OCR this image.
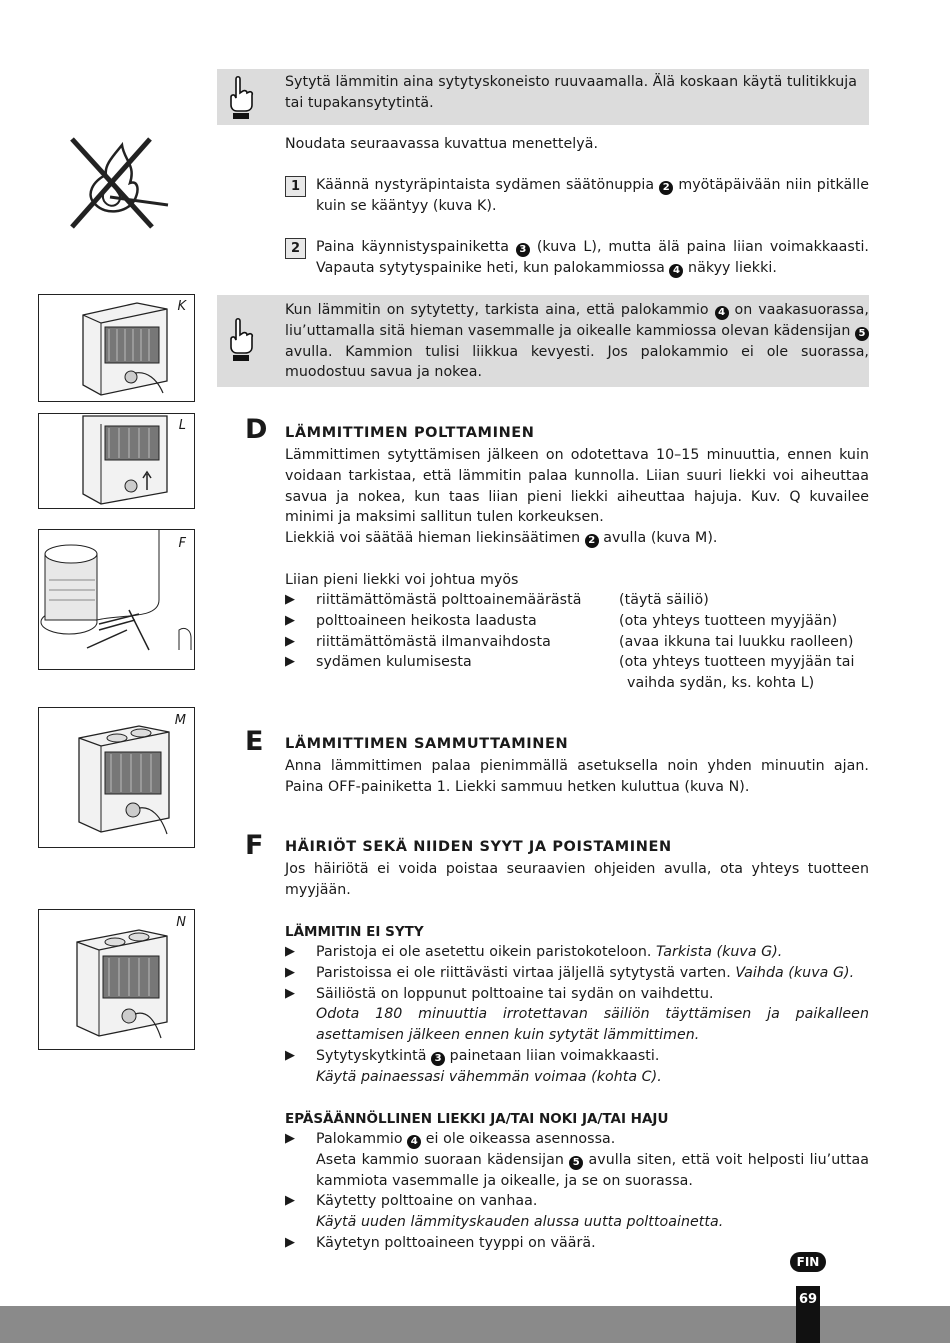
Sytytä lämmitin aina sytytyskoneisto ruuvaamalla. Älä koskaan käytä tulitikkuja tai tupakansytytintä.
Noudata seuraavassa kuvattua menettelyä.
1	Käännä nystyräpintaista sydämen säätönuppia 2 myötäpäivään niin pitkälle kuin se kääntyy (kuva K).
2	Paina käynnistyspainiketta 3 (kuva L), mutta älä paina liian voimakkaasti. Vapauta sytytyspainike heti, kun palokammiossa 4 näkyy liekki.
Kun lämmitin on sytytetty, tarkista aina, että palokammio 4 on vaakasuorassa, liu’uttamalla sitä hieman vasemmalle ja oikealle kammiossa olevan kädensijan 5 avulla. Kammion tulisi liikkua kevyesti. Jos palokammio ei ole suorassa, muodostuu savua ja nokea.
K
L
F
M
N
D LÄMMITTIMEN POLTTAMINEN
Lämmittimen sytyttämisen jälkeen on odotettava 10–15 minuuttia, ennen kuin voidaan tarkistaa, että lämmitin palaa kunnolla. Liian suuri liekki voi aiheuttaa savua ja nokea, kun taas liian pieni liekki aiheuttaa hajuja. Kuv. Q kuvailee minimi ja maksimi sallitun tulen korkeuksen.
Liekkiä voi säätää hieman liekinsäätimen 2 avulla (kuva M).
Liian pieni liekki voi johtua myös
▶ riittämättömästä polttoainemäärästä	(täytä säiliö)
▶ polttoaineen heikosta laadusta	(ota yhteys tuotteen myyjään)
▶ riittämättömästä ilmanvaihdosta	(avaa ikkuna tai luukku raolleen)
▶ sydämen kulumisesta	(ota yhteys tuotteen myyjään tai
vaihda sydän, ks. kohta L)
E LÄMMITTIMEN SAMMUTTAMINEN
Anna lämmittimen palaa pienimmällä asetuksella noin yhden minuutin ajan. Paina OFF-painiketta 1. Liekki sammuu hetken kuluttua (kuva N).
F HÄIRIÖT SEKÄ NIIDEN SYYT JA POISTAMINEN
Jos häiriötä ei voida poistaa seuraavien ohjeiden avulla, ota yhteys tuotteen myyjään.
LÄMMITIN EI SYTY
▶ Paristoja ei ole asetettu oikein paristokoteloon. Tarkista (kuva G).
▶ Paristoissa ei ole riittävästi virtaa jäljellä sytytystä varten. Vaihda (kuva G).
▶ Säiliöstä on loppunut polttoaine tai sydän on vaihdettu.
Odota 180 minuuttia irrotettavan säiliön täyttämisen ja paikalleen asettamisen jälkeen ennen kuin sytytät lämmittimen.
▶ Sytytyskytkintä 3 painetaan liian voimakkaasti.
Käytä painaessasi vähemmän voimaa (kohta C).
EPÄSÄÄNNÖLLINEN LIEKKI JA/TAI NOKI JA/TAI HAJU
▶ Palokammio 4 ei ole oikeassa asennossa.
Aseta kammio suoraan kädensijan 5 avulla siten, että voit helposti liu’uttaa kammiota vasemmalle ja oikealle, ja se on suorassa.
▶ Käytetty polttoaine on vanhaa.
Käytä uuden lämmityskauden alussa uutta polttoainetta.
▶ Käytetyn polttoaineen tyyppi on väärä.
FIN
69
